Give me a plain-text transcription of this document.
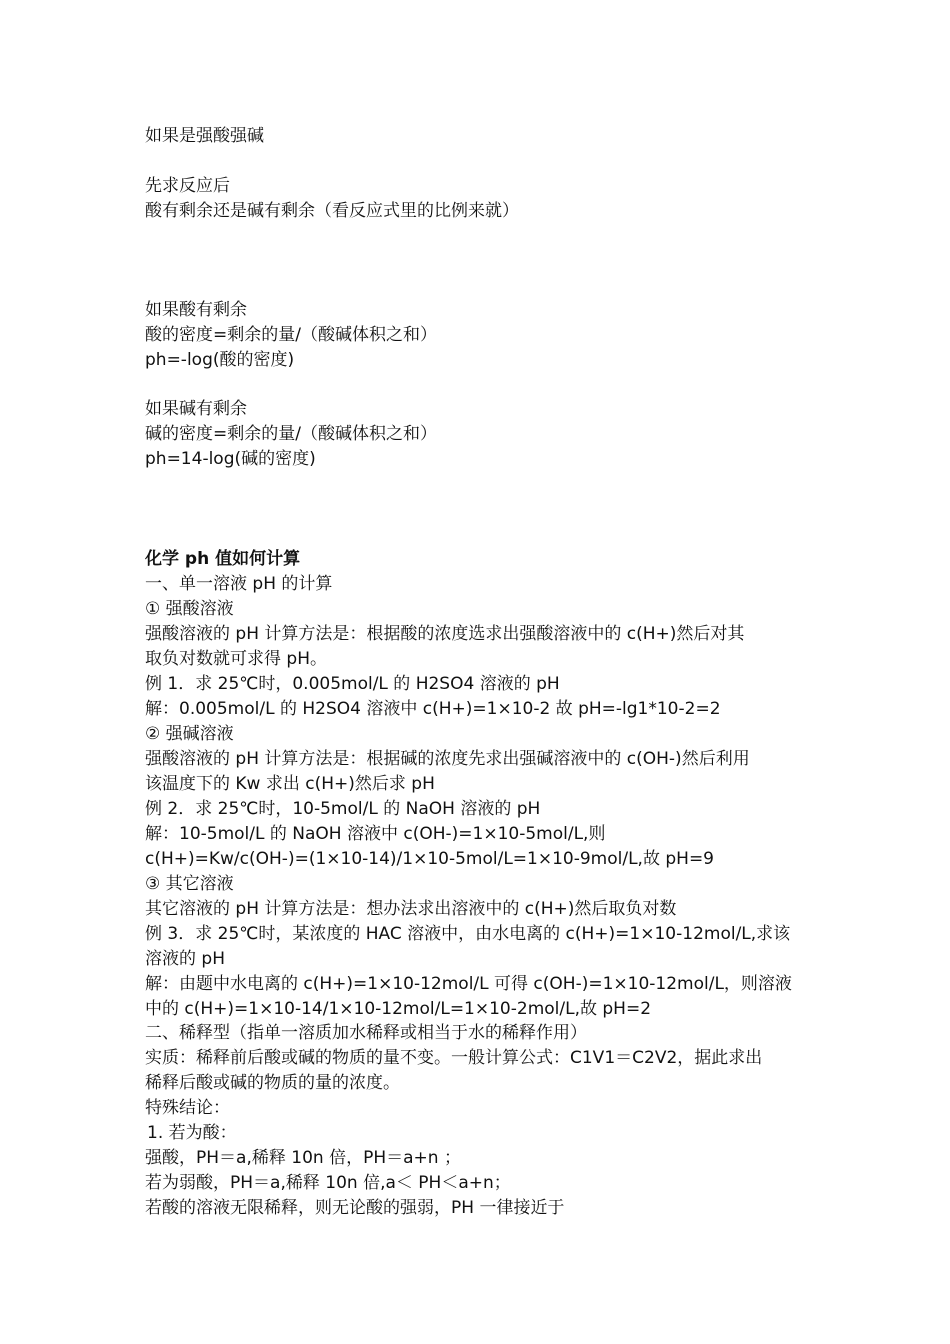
如果是强酸强碱
先求反应后
酸有剩余还是碱有剩余（看反应式里的比例来就）
如果酸有剩余
酸的密度=剩余的量/（酸碱体积之和）
ph=-log(酸的密度)
如果碱有剩余
碱的密度=剩余的量/（酸碱体积之和）
ph=14-log(碱的密度)
化学 ph 值如何计算
一、单一溶液 pH 的计算
① 强酸溶液
强酸溶液的 pH 计算方法是：根据酸的浓度选求出强酸溶液中的 c(H+)然后对其
取负对数就可求得 pH。
例 1．求 25℃时，0.005mol/L 的 H2SO4 溶液的 pH
解：0.005mol/L 的 H2SO4 溶液中 c(H+)=1×10-2 故 pH=-lg1*10-2=2
② 强碱溶液
强酸溶液的 pH 计算方法是：根据碱的浓度先求出强碱溶液中的 c(OH-)然后利用
该温度下的 Kw 求出 c(H+)然后求 pH
例 2．求 25℃时，10-5mol/L 的 NaOH 溶液的 pH
解：10-5mol/L 的 NaOH 溶液中 c(OH-)=1×10-5mol/L,则
c(H+)=Kw/c(OH-)=(1×10-14)/1×10-5mol/L=1×10-9mol/L,故 pH=9
③ 其它溶液
其它溶液的 pH 计算方法是：想办法求出溶液中的 c(H+)然后取负对数
例 3．求 25℃时，某浓度的 HAC 溶液中，由水电离的 c(H+)=1×10-12mol/L,求该
溶液的 pH
解：由题中水电离的 c(H+)=1×10-12mol/L 可得 c(OH-)=1×10-12mol/L，则溶液
中的 c(H+)=1×10-14/1×10-12mol/L=1×10-2mol/L,故 pH=2
二、稀释型（指单一溶质加水稀释或相当于水的稀释作用）
实质：稀释前后酸或碱的物质的量不变。一般计算公式：C1V1＝C2V2，据此求出
稀释后酸或碱的物质的量的浓度。
特殊结论：
1. 若为酸：
强酸，PH＝a,稀释 10n 倍，PH＝a+n ；
若为弱酸，PH＝a,稀释 10n 倍,a＜ PH＜a+n；
若酸的溶液无限稀释，则无论酸的强弱，PH 一律接近于
